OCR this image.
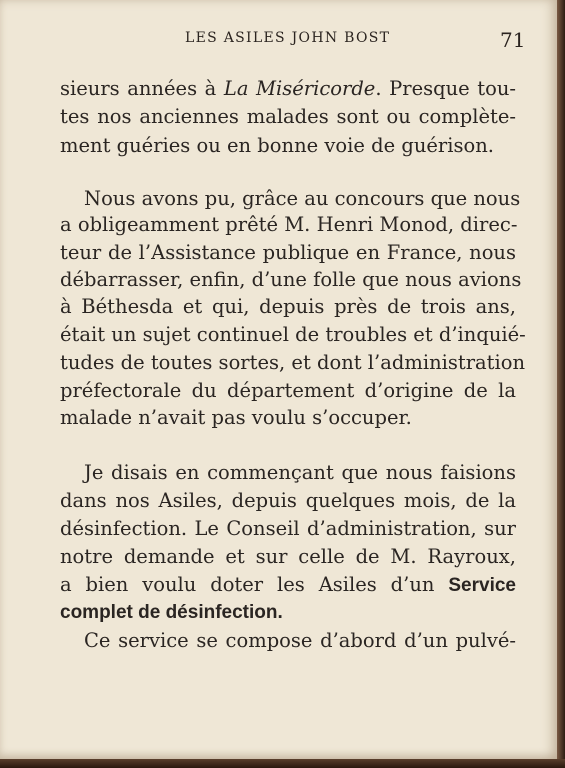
LES ASILES JOHN BOST	71
sieurs années à La Miséricorde. Presque tou-
tes nos anciennes malades sont ou complète-
ment guéries ou en bonne voie de guérison.
Nous avons pu, grâce au concours que nous
a obligeamment prêté M. Henri Monod, direc-
teur de l’Assistance publique en France, nous
débarrasser, enfin, d’une folle que nous avions
à Béthesda et qui, depuis près de trois ans,
était un sujet continuel de troubles et d’inquié-
tudes de toutes sortes, et dont l’administration
préfectorale du département d’origine de la
malade n’avait pas voulu s’occuper.
Je disais en commençant que nous faisions
dans nos Asiles, depuis quelques mois, de la
désinfection. Le Conseil d’administration, sur
notre demande et sur celle de M. Rayroux,
a bien voulu doter les Asiles d’un Service
complet de désinfection.
Ce service se compose d’abord d’un pulvé-
